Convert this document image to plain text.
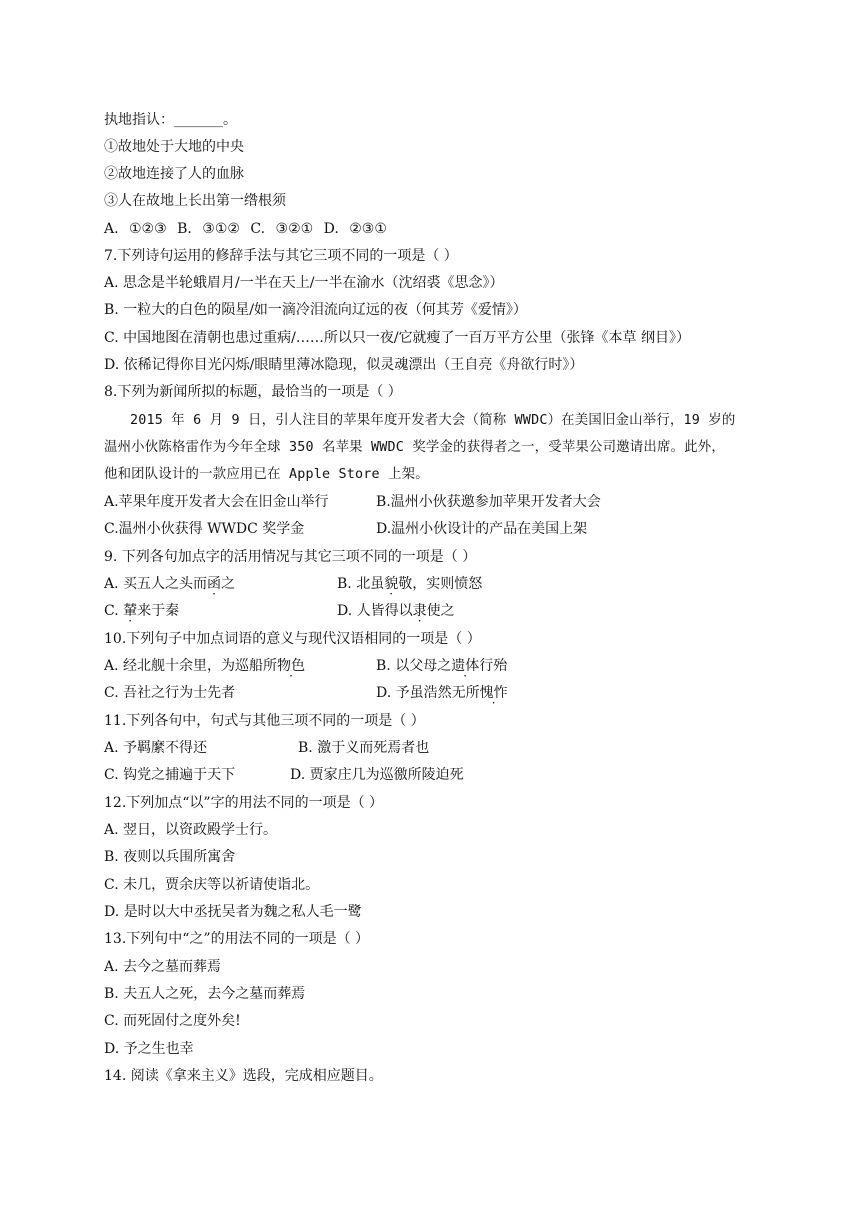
执地指认：_______。
①故地处于大地的中央
②故地连接了人的血脉
③人在故地上长出第一绺根须
A. ①②③ B. ③①② C. ③②① D. ②③①
7.下列诗句运用的修辞手法与其它三项不同的一项是（ ）
A. 思念是半轮蛾眉月/一半在天上/一半在渝水（沈绍裘《思念》）
B. 一粒大的白色的陨星/如一滴冷泪流向辽远的夜（何其芳《爱情》）
C. 中国地图在清朝也患过重病/……所以只一夜/它就瘦了一百万平方公里（张锋《本草 纲目》）
D. 依稀记得你目光闪烁/眼睛里薄冰隐现，似灵魂漂出（王自亮《舟欲行时》）
8.下列为新闻所拟的标题，最恰当的一项是（ ）
2015 年 6 月 9 日，引人注目的苹果年度开发者大会（简称 WWDC）在美国旧金山举行，19 岁的
温州小伙陈格雷作为今年全球 350 名苹果 WWDC 奖学金的获得者之一，受苹果公司邀请出席。此外，
他和团队设计的一款应用已在 Apple Store 上架。
A.苹果年度开发者大会在旧金山举行	B.温州小伙获邀参加苹果开发者大会
C.温州小伙获得 WWDC 奖学金	D.温州小伙设计的产品在美国上架
9. 下列各句加点字的活用情况与其它三项不同的一项是（ ）
A. 买五人之头而函之	B. 北虽貌敬，实则愤怒
C. 輦来于秦	D. 人皆得以隶使之
10.下列句子中加点词语的意义与现代汉语相同的一项是（ ）
A. 经北舰十余里，为巡船所物色	B. 以父母之遗体行殆
C. 吾社之行为士先者	D. 予虽浩然无所愧怍
11.下列各句中，句式与其他三项不同的一项是（ ）
A. 予羁縻不得还	B. 激于义而死焉者也
C. 钩党之捕遍于天下	D. 贾家庄几为巡徼所陵迫死
12.下列加点“以”字的用法不同的一项是（ ）
A. 翌日，以资政殿学士行。
B. 夜则以兵围所寓舍
C. 未几，贾余庆等以祈请使诣北。
D. 是时以大中丞抚吴者为魏之私人毛一鹭
13.下列句中“之”的用法不同的一项是（ ）
A. 去今之墓而葬焉
B. 夫五人之死，去今之墓而葬焉
C. 而死固付之度外矣!
D. 予之生也幸
14. 阅读《拿来主义》选段，完成相应题目。
